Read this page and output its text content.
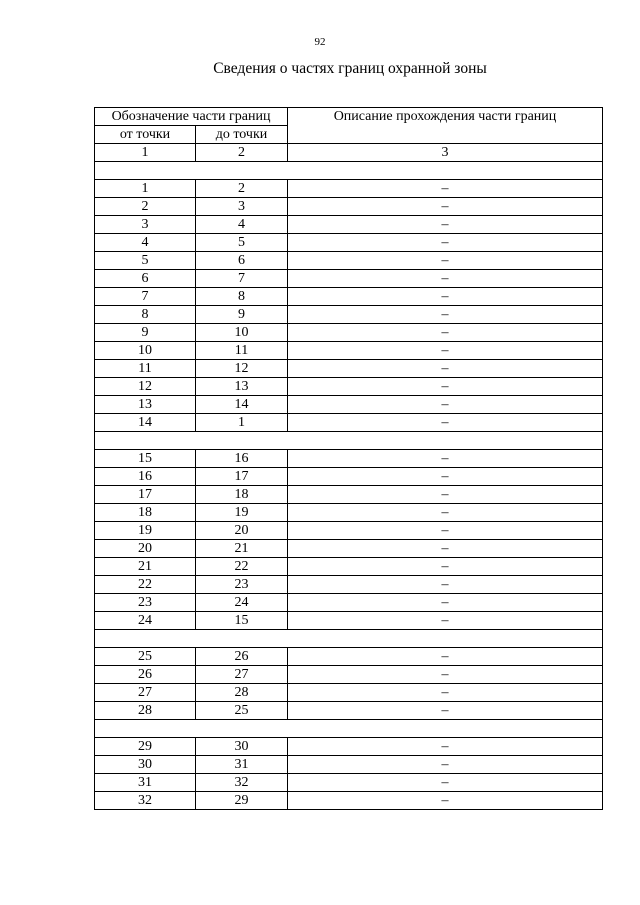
92
Сведения о частях границ охранной зоны
Обозначение части границ		Описание прохождения части границ
от точки	до точки	
1	2	3

1	2	–
2	3	–
3	4	–
4	5	–
5	6	–
6	7	–
7	8	–
8	9	–
9	10	–
10	11	–
11	12	–
12	13	–
13	14	–
14	1	–

15	16	–
16	17	–
17	18	–
18	19	–
19	20	–
20	21	–
21	22	–
22	23	–
23	24	–
24	15	–

25	26	–
26	27	–
27	28	–
28	25	–

29	30	–
30	31	–
31	32	–
32	29	–
